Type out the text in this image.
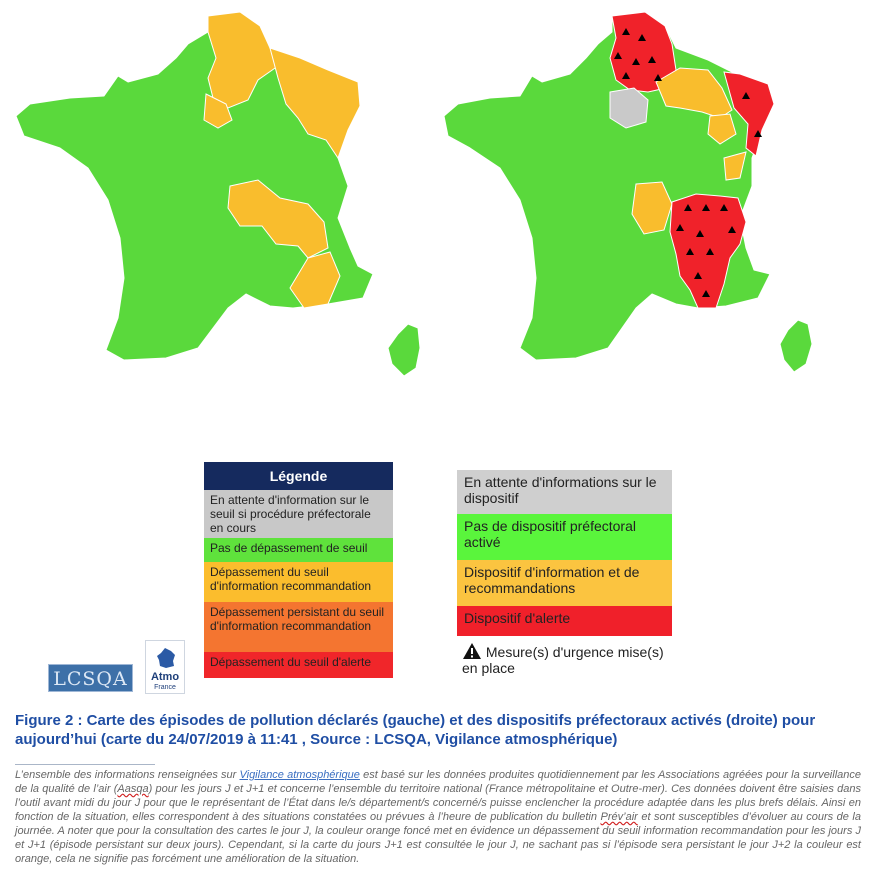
Légende
En attente d'information sur le seuil si procédure préfectorale en cours
Pas de dépassement de seuil
Dépassement du seuil d'information recommandation
Dépassement persistant du seuil d'information recommandation
Dépassement du seuil d'alerte
En attente d'informations sur le dispositif
Pas de dispositif préfectoral activé
Dispositif d'information et de recommandations
Dispositif d'alerte
Mesure(s) d'urgence mise(s) en place
LCSQA	Atmo
France
Figure 2 : Carte des épisodes de pollution déclarés (gauche) et des dispositifs préfectoraux activés (droite) pour aujourd’hui (carte du 24/07/2019 à 11:41 , Source : LCSQA, Vigilance atmosphérique)
L’ensemble des informations renseignées sur Vigilance atmosphérique est basé sur les données produites quotidiennement par les Associations agréées pour la surveillance de la qualité de l’air (Aasqa) pour les jours J et J+1 et concerne l’ensemble du territoire national (France métropolitaine et Outre-mer). Ces données doivent être saisies dans l’outil avant midi du jour J pour que le représentant de l’État dans le/s département/s concerné/s puisse enclencher la procédure adaptée dans les plus brefs délais. Ainsi en fonction de la situation, elles correspondent à des situations constatées ou prévues à l’heure de publication du bulletin Prév’air et sont susceptibles d’évoluer au cours de la journée. A noter que pour la consultation des cartes le jour J, la couleur orange foncé met en évidence un dépassement du seuil information recommandation pour les jours J et J+1 (épisode persistant sur deux jours). Cependant, si la carte du jours J+1 est consultée le jour J, ne sachant pas si l’épisode sera persistant le jour J+2 la couleur est orange, cela ne signifie pas forcément une amélioration de la situation.
